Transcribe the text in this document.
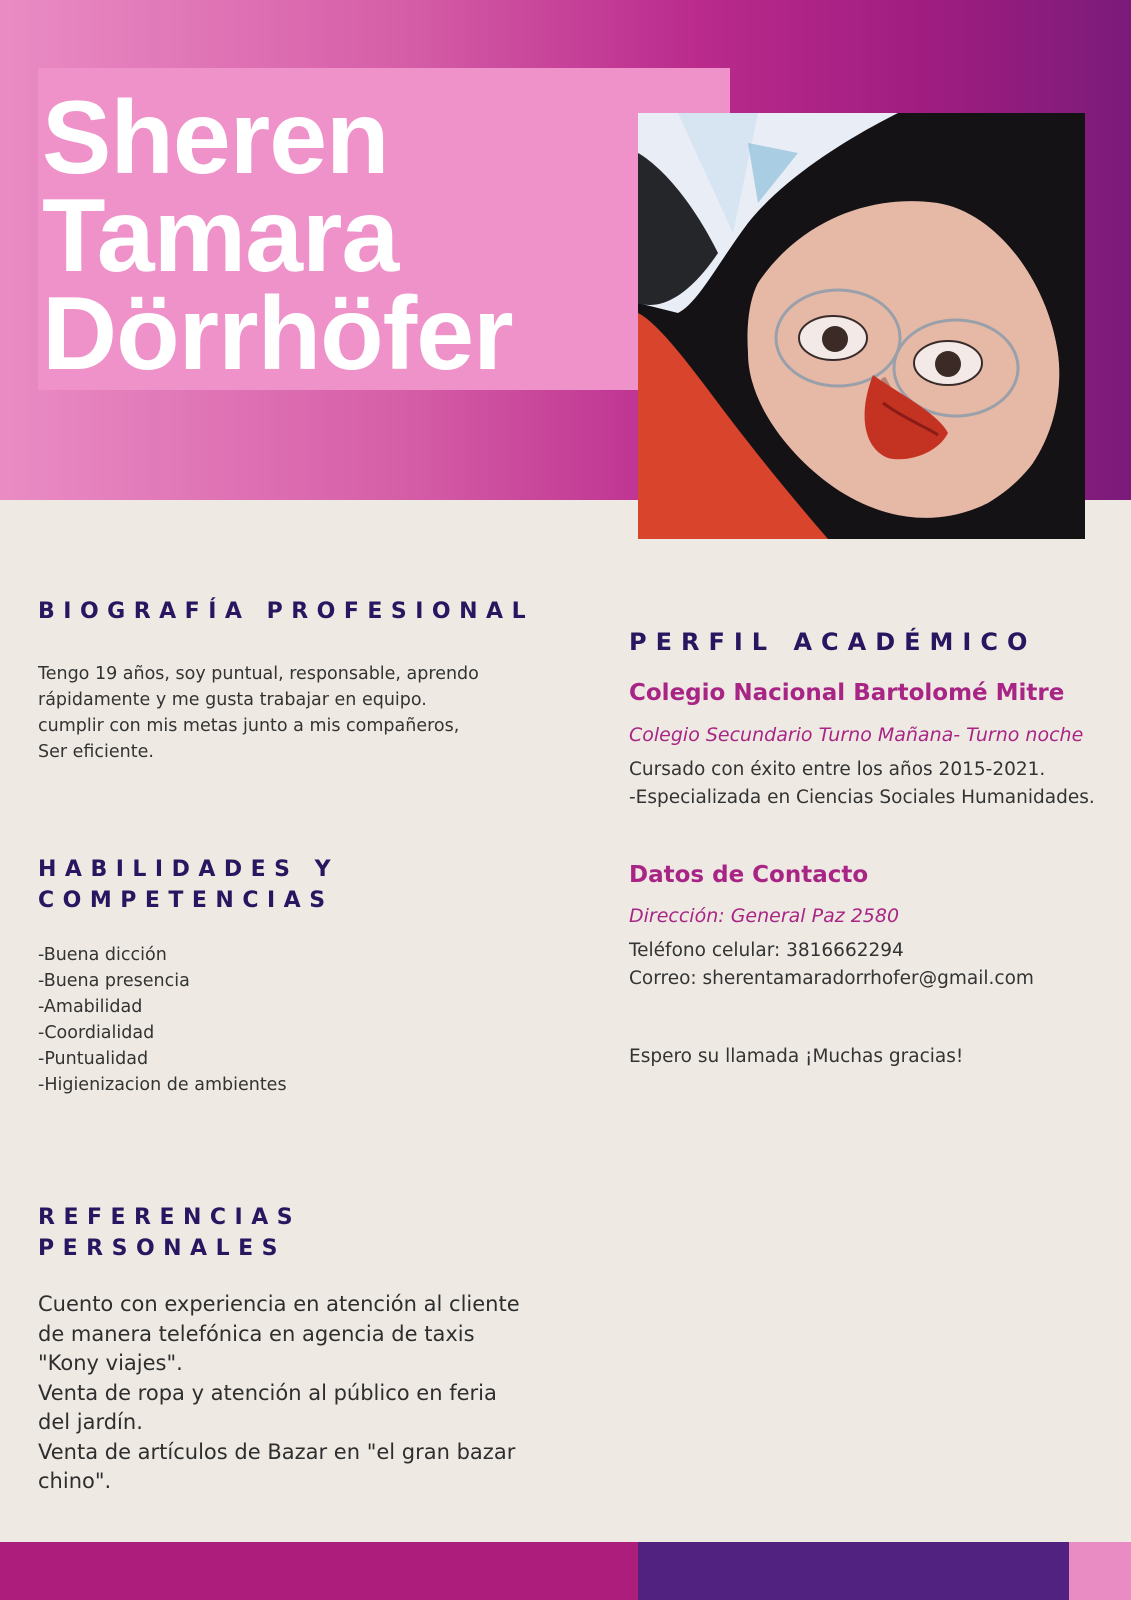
Sheren
Tamara
Dörrhöfer
BIOGRAFÍA PROFESIONAL

Tengo 19 años, soy puntual, responsable, aprendo
rápidamente y me gusta trabajar en equipo.
cumplir con mis metas junto a mis compañeros,
Ser eficiente.

HABILIDADES Y
COMPETENCIAS
-Buena dicción
-Buena presencia
-Amabilidad
-Coordialidad
-Puntualidad
-Higienizacion de ambientes
REFERENCIAS
PERSONALES

Cuento con experiencia en atención al cliente
de manera telefónica en agencia de taxis
"Kony viajes".
Venta de ropa y atención al público en feria
del jardín.
Venta de artículos de Bazar en "el gran bazar
chino".

PERFIL ACADÉMICO
Colegio Nacional Bartolomé Mitre

Colegio Secundario Turno Mañana- Turno noche

Cursado con éxito entre los años 2015-2021.
-Especializada en Ciencias Sociales Humanidades.

Datos de Contacto

Dirección: General Paz 2580

Teléfono celular: 3816662294
Correo: sherentamaradorrhofer@gmail.com

Espero su llamada ¡Muchas gracias!
